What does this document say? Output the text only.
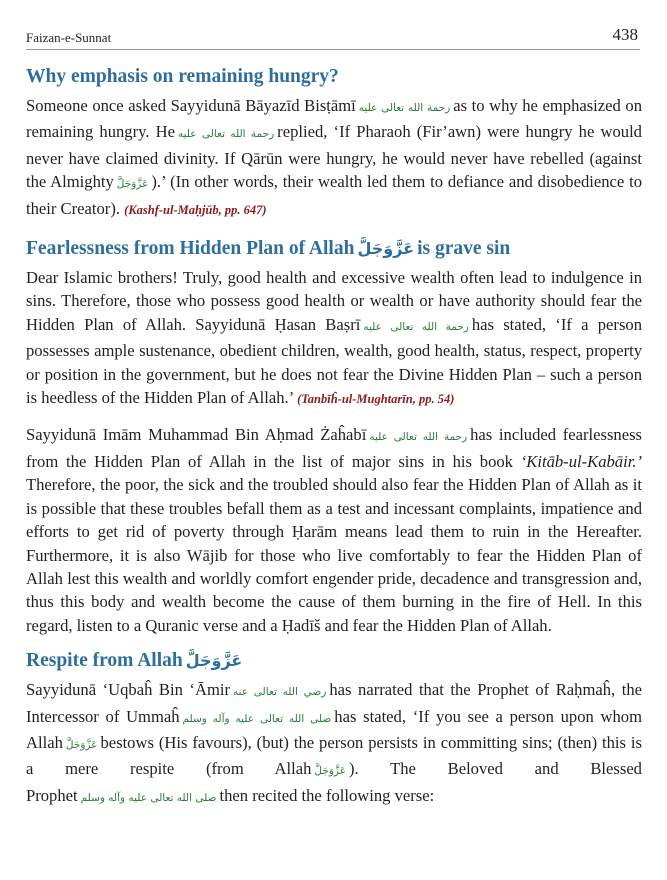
Faizan-e-Sunnat	438
Why emphasis on remaining hungry?

Someone once asked Sayyidunā Bāyazīd Bisṭāmī رحمة الله تعالى عليه as to why he emphasized on remaining hungry. He رحمة الله تعالى عليه replied, ‘If Pharaoh (Fir’awn) were hungry he would never have claimed divinity. If Qārūn were hungry, he would never have rebelled (against the Almighty عَزَّوَجَلَّ ).’ (In other words, their wealth led them to defiance and disobedience to their Creator). (Kashf-ul-Maḥjūb, pp. 647)

Fearlessness from Hidden Plan of Allah عَزَّوَجَلَّ is grave sin

Dear Islamic brothers! Truly, good health and excessive wealth often lead to indulgence in sins. Therefore, those who possess good health or wealth or have authority should fear the Hidden Plan of Allah. Sayyidunā Ḥasan Baṣrī رحمة الله تعالى عليه has stated, ‘If a person possesses ample sustenance, obedient children, wealth, good health, status, respect, property or position in the government, but he does not fear the Divine Hidden Plan – such a person is heedless of the Hidden Plan of Allah.’ (Tanbīĥ-ul-Mughtarīn, pp. 54)

Sayyidunā Imām Muhammad Bin Aḥmad Żaĥabī رحمة الله تعالى عليه has included fearlessness from the Hidden Plan of Allah in the list of major sins in his book ‘Kitāb-ul-Kabāir.’ Therefore, the poor, the sick and the troubled should also fear the Hidden Plan of Allah as it is possible that these troubles befall them as a test and incessant complaints, impatience and efforts to get rid of poverty through Ḥarām means lead them to ruin in the Hereafter. Furthermore, it is also Wājib for those who live comfortably to fear the Hidden Plan of Allah lest this wealth and worldly comfort engender pride, decadence and transgression and, thus this body and wealth become the cause of them burning in the fire of Hell. In this regard, listen to a Quranic verse and a Ḥadīš and fear the Hidden Plan of Allah.

Respite from Allah عَزَّوَجَلَّ

Sayyidunā ‘Uqbaĥ Bin ‘Āmir رضي الله تعالى عنه has narrated that the Prophet of Raḥmaĥ, the Intercessor of Ummaĥ صلى الله تعالى عليه وآله وسلم has stated, ‘If you see a person upon whom Allah عَزَّوَجَلَّ bestows (His favours), (but) the person persists in committing sins; (then) this is a mere respite (from Allah عَزَّوَجَلَّ ). The Beloved and Blessed Prophet صلى الله تعالى عليه وآله وسلم then recited the following verse:
